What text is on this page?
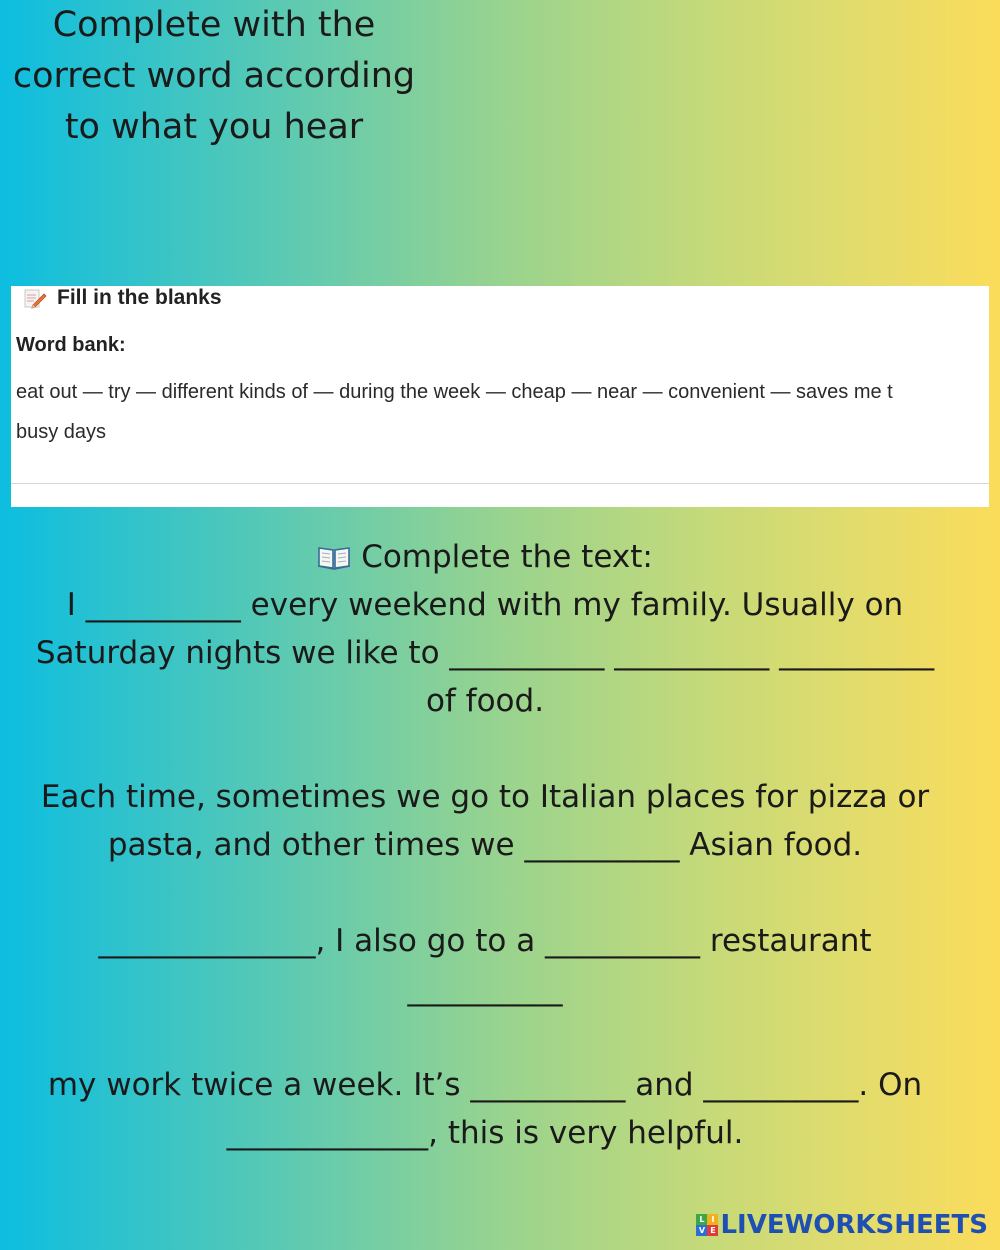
Complete with the correct word according to what you hear
Fill in the blanks
Word bank:
eat out — try — different kinds of — during the week — cheap — near — convenient — saves me t
busy days

Complete the text:

I __________ every weekend with my family. Usually on Saturday nights we like to __________ __________ __________ of food.

Each time, sometimes we go to Italian places for pizza or pasta, and other times we __________ Asian food.

______________, I also go to a __________ restaurant

__________

my work twice a week. It’s __________ and __________. On _____________, this is very helpful.

L I
V E LIVEWORKSHEETS
